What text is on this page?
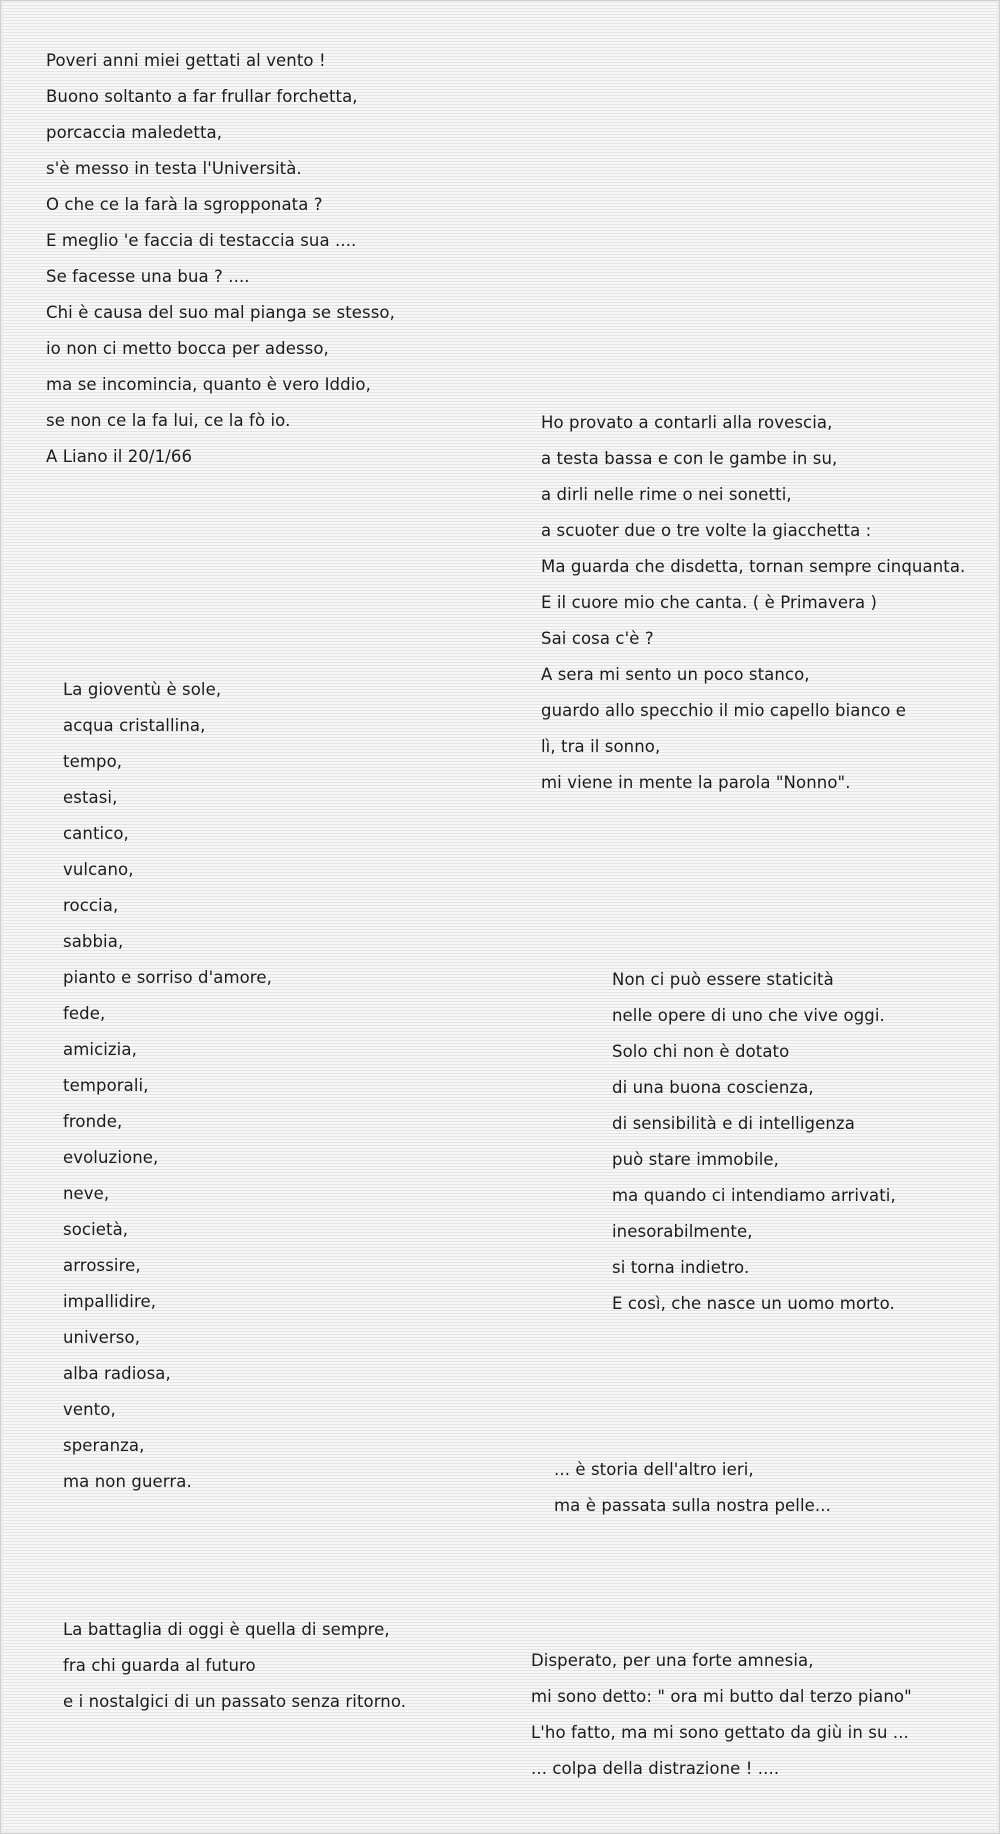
Poveri anni miei gettati al vento !
Buono soltanto a far frullar forchetta,
porcaccia maledetta,
s'è messo in testa l'Università.
O che ce la farà la sgropponata ?
E meglio 'e faccia di testaccia sua ....
Se facesse una bua ? ....
Chi è causa del suo mal pianga se stesso,
io non ci metto bocca per adesso,
ma se incomincia, quanto è vero Iddio,
se non ce la fa lui, ce la fò io.
A Liano il 20/1/66
Ho provato a contarli alla rovescia,
a testa bassa e con le gambe in su,
a dirli nelle rime o nei sonetti,
a scuoter due o tre volte la giacchetta :
Ma guarda che disdetta, tornan sempre cinquanta.
E il cuore mio che canta. ( è Primavera )
Sai cosa c'è ?
A sera mi sento un poco stanco,
guardo allo specchio il mio capello bianco e
lì, tra il sonno,
mi viene in mente la parola "Nonno".
La gioventù è sole,
acqua cristallina,
tempo,
estasi,
cantico,
vulcano,
roccia,
sabbia,
pianto e sorriso d'amore,
fede,
amicizia,
temporali,
fronde,
evoluzione,
neve,
società,
arrossire,
impallidire,
universo,
alba radiosa,
vento,
speranza,
ma non guerra.
Non ci può essere staticità
nelle opere di uno che vive oggi.
Solo chi non è dotato
di una buona coscienza,
di sensibilità e di intelligenza
può stare immobile,
ma quando ci intendiamo arrivati,
inesorabilmente,
si torna indietro.
E così, che nasce un uomo morto.
... è storia dell'altro ieri,
ma è passata sulla nostra pelle...
La battaglia di oggi è quella di sempre,
fra chi guarda al futuro
e i nostalgici di un passato senza ritorno.
Disperato, per una forte amnesia,
mi sono detto: " ora mi butto dal terzo piano"
L'ho fatto, ma mi sono gettato da giù in su ...
... colpa della distrazione ! ....
